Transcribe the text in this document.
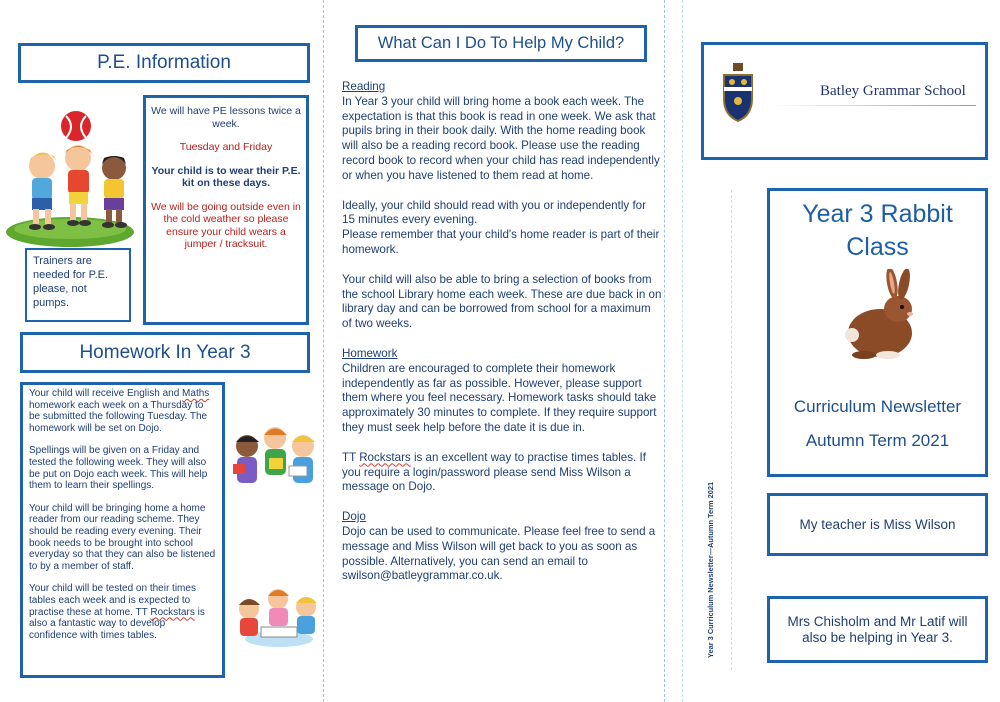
P.E. Information

We will have PE lessons twice a week.

Tuesday and Friday

Your child is to wear their P.E. kit on these days.

We will be going outside even in the cold weather so please ensure your child wears a jumper / tracksuit.

Trainers are needed for P.E. please, not pumps.
Homework In Year 3

Your child will receive English and Maths homework each week on a Thursday to be submitted the following Tuesday. The homework will be set on Dojo.

Spellings will be given on a Friday and tested the following week. They will also be put on Dojo each week. This will help them to learn their spellings.

Your child will be bringing home a home reader from our reading scheme. They should be reading every evening. Their book needs to be brought into school everyday so that they can also be listened to by a member of staff.

Your child will be tested on their times tables each week and is expected to practise these at home. TT Rockstars is also a fantastic way to develop confidence with times tables.

What Can I Do To Help My Child?
Reading

In Year 3 your child will bring home a book each week. The expectation is that this book is read in one week. We ask that pupils bring in their book daily. With the home reading book will also be a reading record book. Please use the reading record book to record when your child has read independently or when you have listened to them read at home.

Ideally, your child should read with you or independently for 15 minutes every evening.
Please remember that your child's home reader is part of their homework.

Your child will also be able to bring a selection of books from the school Library home each week. These are due back in on library day and can be borrowed from school for a maximum of two weeks.

Homework

Children are encouraged to complete their homework independently as far as possible. However, please support them where you feel necessary. Homework tasks should take approximately 30 minutes to complete. If they require support they must seek help before the date it is due in.

TT Rockstars is an excellent way to practise times tables. If you require a login/password please send Miss Wilson a message on Dojo.

Dojo

Dojo can be used to communicate. Please feel free to send a message and Miss Wilson will get back to you as soon as possible. Alternatively, you can send an email to swilson@batleygrammar.co.uk.	Year 3 Curriculum Newsletter—Autumn Term 2021
Batley Grammar School
Year 3 Rabbit
Class
Curriculum Newsletter
Autumn Term 2021
My teacher is Miss Wilson
Mrs Chisholm and Mr Latif will also be helping in Year 3.
